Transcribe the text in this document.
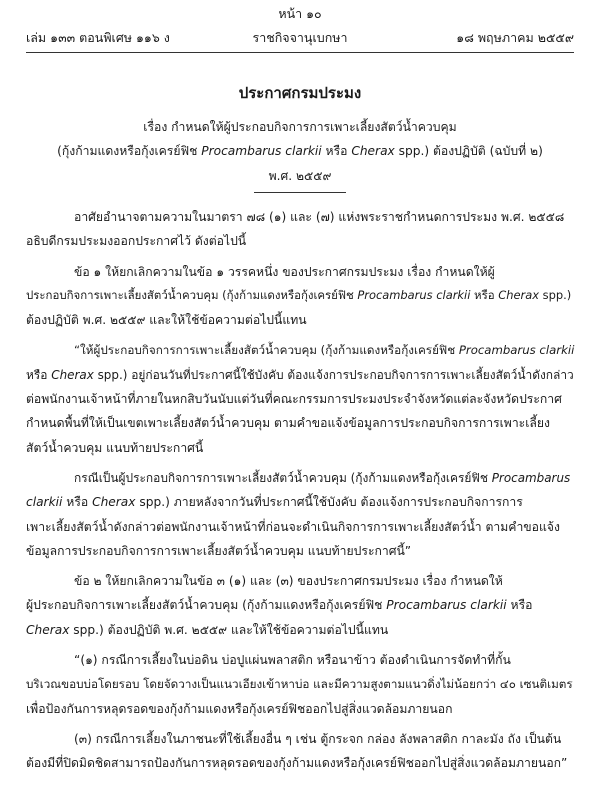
หน้า ๑๐
เล่ม ๑๓๓ ตอนพิเศษ ๑๑๖ ง	ราชกิจจานุเบกษา	๑๘ พฤษภาคม ๒๕๕๙
ประกาศกรมประมง
เรื่อง กำหนดให้ผู้ประกอบกิจการการเพาะเลี้ยงสัตว์น้ำควบคุม
(กุ้งก้ามแดงหรือกุ้งเครย์ฟิช Procambarus clarkii หรือ Cherax spp.) ต้องปฏิบัติ (ฉบับที่ ๒)
พ.ศ. ๒๕๕๙
อาศัยอำนาจตามความในมาตรา ๗๘ (๑) และ (๗) แห่งพระราชกำหนดการประมง พ.ศ. ๒๕๕๘
อธิบดีกรมประมงออกประกาศไว้ ดังต่อไปนี้
ข้อ ๑ ให้ยกเลิกความในข้อ ๑ วรรคหนึ่ง ของประกาศกรมประมง เรื่อง กำหนดให้ผู้
ประกอบกิจการเพาะเลี้ยงสัตว์น้ำควบคุม (กุ้งก้ามแดงหรือกุ้งเครย์ฟิช Procambarus clarkii หรือ Cherax spp.)
ต้องปฏิบัติ พ.ศ. ๒๕๕๙ และให้ใช้ข้อความต่อไปนี้แทน
“ให้ผู้ประกอบกิจการการเพาะเลี้ยงสัตว์น้ำควบคุม (กุ้งก้ามแดงหรือกุ้งเครย์ฟิช Procambarus clarkii
หรือ Cherax spp.) อยู่ก่อนวันที่ประกาศนี้ใช้บังคับ ต้องแจ้งการประกอบกิจการการเพาะเลี้ยงสัตว์น้ำดังกล่าว
ต่อพนักงานเจ้าหน้าที่ภายในหกสิบวันนับแต่วันที่คณะกรรมการประมงประจำจังหวัดแต่ละจังหวัดประกาศ
กำหนดพื้นที่ให้เป็นเขตเพาะเลี้ยงสัตว์น้ำควบคุม ตามคำขอแจ้งข้อมูลการประกอบกิจการการเพาะเลี้ยง
สัตว์น้ำควบคุม แนบท้ายประกาศนี้
กรณีเป็นผู้ประกอบกิจการการเพาะเลี้ยงสัตว์น้ำควบคุม (กุ้งก้ามแดงหรือกุ้งเครย์ฟิช Procambarus
clarkii หรือ Cherax spp.) ภายหลังจากวันที่ประกาศนี้ใช้บังคับ ต้องแจ้งการประกอบกิจการการ
เพาะเลี้ยงสัตว์น้ำดังกล่าวต่อพนักงานเจ้าหน้าที่ก่อนจะดำเนินกิจการการเพาะเลี้ยงสัตว์น้ำ ตามคำขอแจ้ง
ข้อมูลการประกอบกิจการการเพาะเลี้ยงสัตว์น้ำควบคุม แนบท้ายประกาศนี้”
ข้อ ๒ ให้ยกเลิกความในข้อ ๓ (๑) และ (๓) ของประกาศกรมประมง เรื่อง กำหนดให้
ผู้ประกอบกิจการเพาะเลี้ยงสัตว์น้ำควบคุม (กุ้งก้ามแดงหรือกุ้งเครย์ฟิช Procambarus clarkii หรือ
Cherax spp.) ต้องปฏิบัติ พ.ศ. ๒๕๕๙ และให้ใช้ข้อความต่อไปนี้แทน
“(๑) กรณีการเลี้ยงในบ่อดิน บ่อปูแผ่นพลาสติก หรือนาข้าว ต้องดำเนินการจัดทำที่กั้น
บริเวณขอบบ่อโดยรอบ โดยจัดวางเป็นแนวเอียงเข้าหาบ่อ และมีความสูงตามแนวดิ่งไม่น้อยกว่า ๔๐ เซนติเมตร
เพื่อป้องกันการหลุดรอดของกุ้งก้ามแดงหรือกุ้งเครย์ฟิชออกไปสู่สิ่งแวดล้อมภายนอก
(๓) กรณีการเลี้ยงในภาชนะที่ใช้เลี้ยงอื่น ๆ เช่น ตู้กระจก กล่อง ลังพลาสติก กาละมัง ถัง เป็นต้น
ต้องมีที่ปิดมิดชิดสามารถป้องกันการหลุดรอดของกุ้งก้ามแดงหรือกุ้งเครย์ฟิชออกไปสู่สิ่งแวดล้อมภายนอก”
